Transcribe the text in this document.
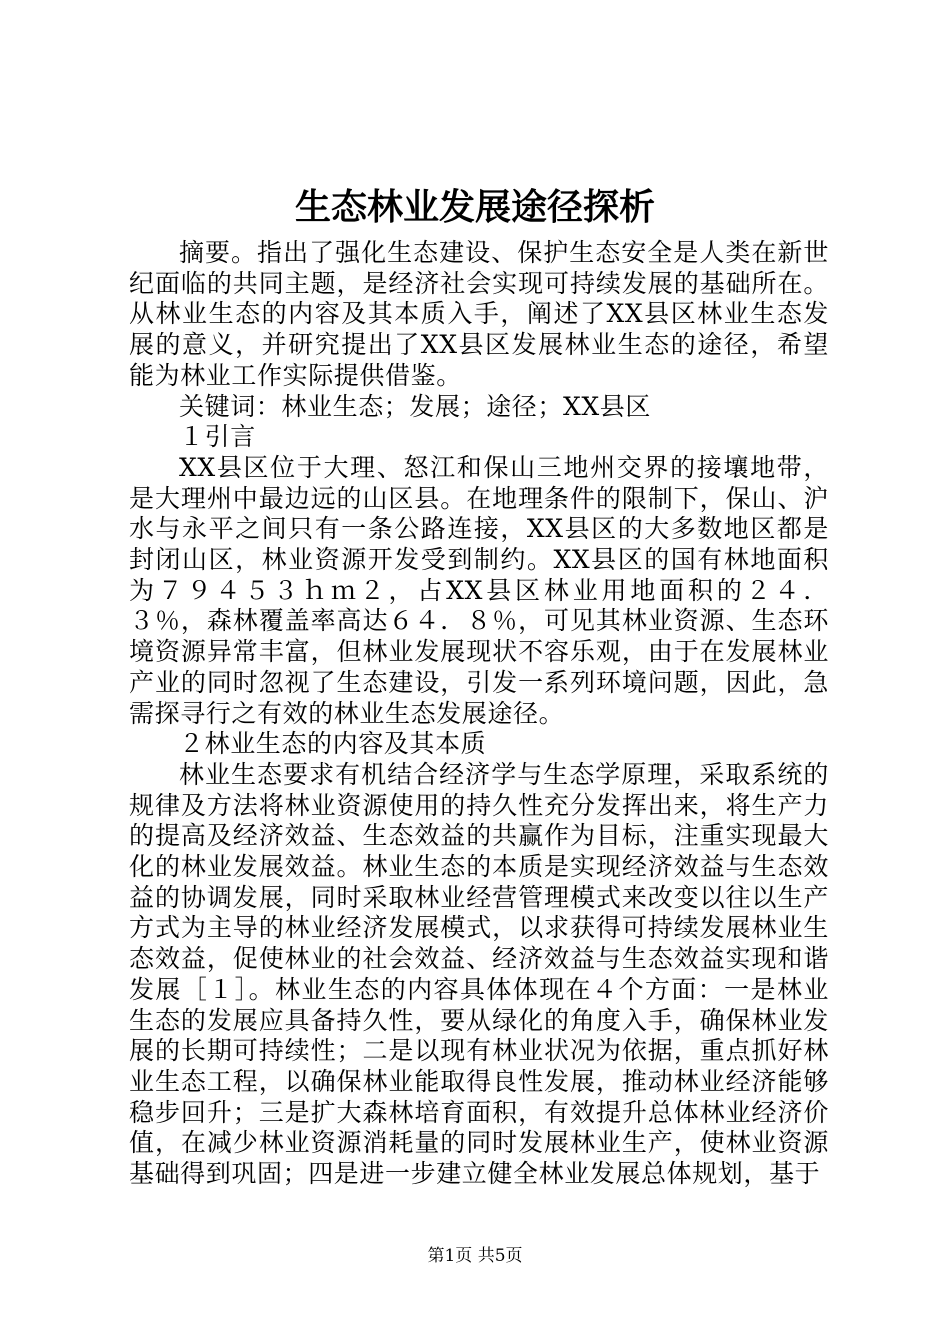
生态林业发展途径探析

摘要。指出了强化生态建设、保护生态安全是人类在新世纪面临的共同主题，是经济社会实现可持续发展的基础所在。从林业生态的内容及其本质入手，阐述了XX县区林业生态发展的意义，并研究提出了XX县区发展林业生态的途径，希望能为林业工作实际提供借鉴。

关键词：林业生态；发展；途径；XX县区

１引言

XX县区位于大理、怒江和保山三地州交界的接壤地带，是大理州中最边远的山区县。在地理条件的限制下，保山、沪水与永平之间只有一条公路连接，XX县区的大多数地区都是封闭山区，林业资源开发受到制约。XX县区的国有林地面积为７９４５３ｈｍ２，占XX县区林业用地面积的２４．３％，森林覆盖率高达６４．８％，可见其林业资源、生态环境资源异常丰富，但林业发展现状不容乐观，由于在发展林业产业的同时忽视了生态建设，引发一系列环境问题，因此，急需探寻行之有效的林业生态发展途径。

２林业生态的内容及其本质

林业生态要求有机结合经济学与生态学原理，采取系统的规律及方法将林业资源使用的持久性充分发挥出来，将生产力的提高及经济效益、生态效益的共赢作为目标，注重实现最大化的林业发展效益。林业生态的本质是实现经济效益与生态效益的协调发展，同时采取林业经营管理模式来改变以往以生产方式为主导的林业经济发展模式，以求获得可持续发展林业生态效益，促使林业的社会效益、经济效益与生态效益实现和谐发展［１］。林业生态的内容具体体现在４个方面：一是林业生态的发展应具备持久性，要从绿化的角度入手，确保林业发展的长期可持续性；二是以现有林业状况为依据，重点抓好林业生态工程，以确保林业能取得良性发展，推动林业经济能够稳步回升；三是扩大森林培育面积，有效提升总体林业经济价值，在减少林业资源消耗量的同时发展林业生产，使林业资源基础得到巩固；四是进一步建立健全林业发展总体规划，基于

第1页 共5页
